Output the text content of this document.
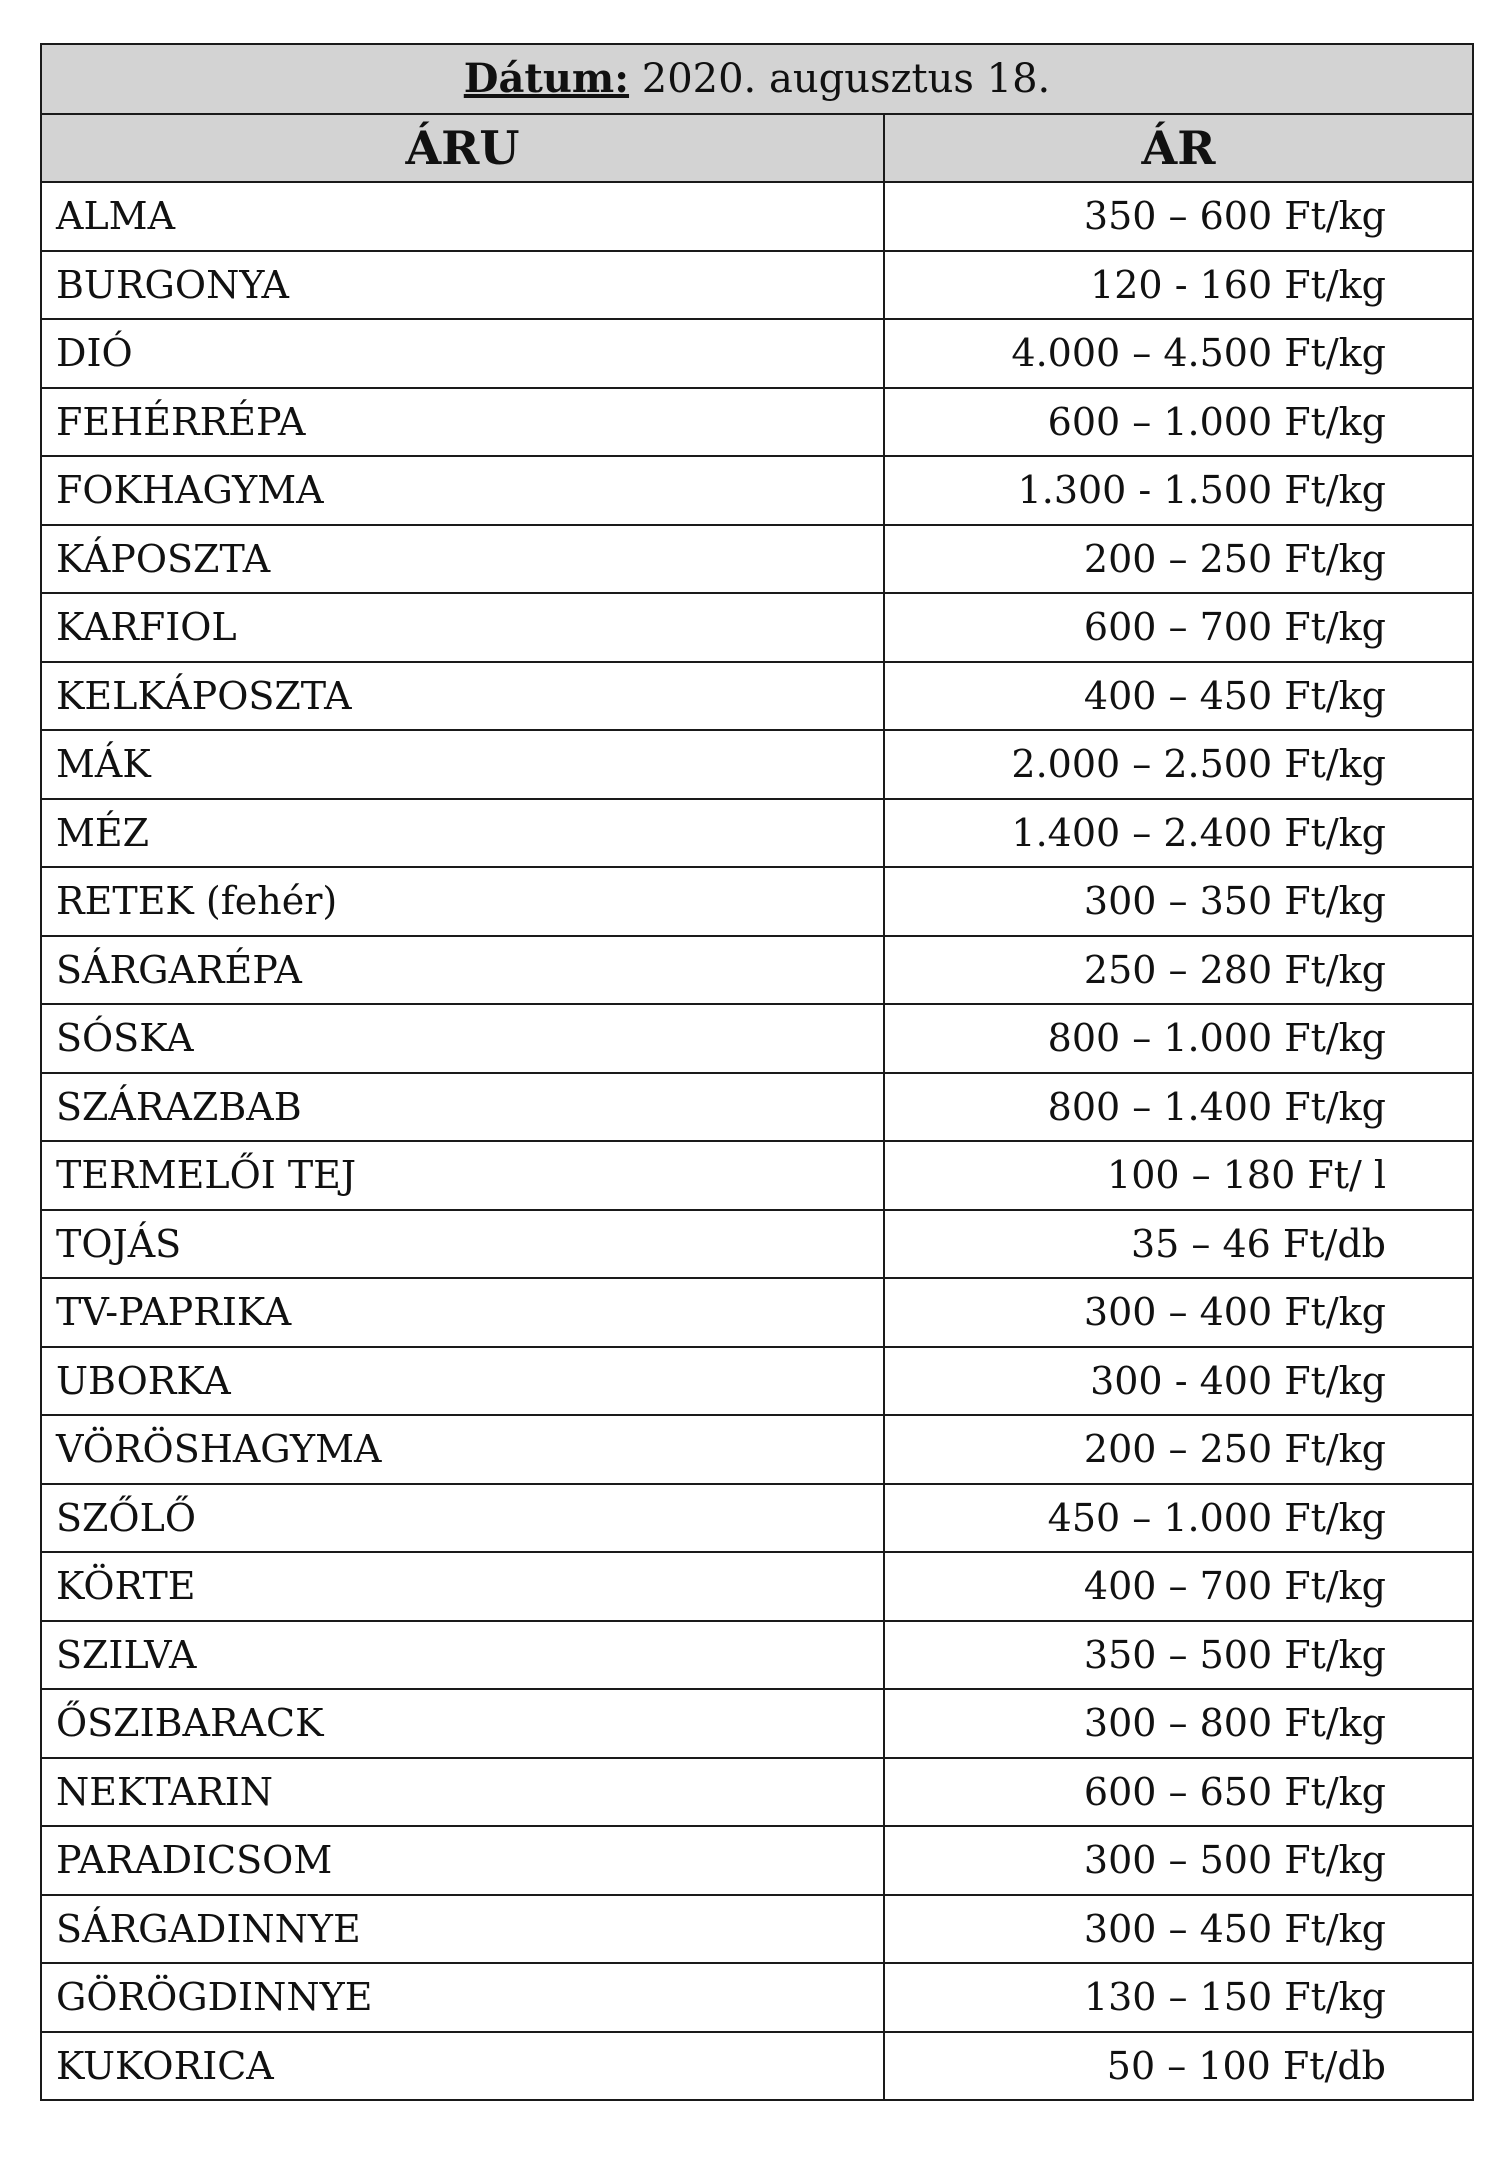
Dátum: 2020. augusztus 18.	
ÁRU	ÁR
ALMA	350 – 600 Ft/kg
BURGONYA	120 - 160 Ft/kg
DIÓ	4.000 – 4.500 Ft/kg
FEHÉRRÉPA	600 – 1.000 Ft/kg
FOKHAGYMA	1.300 - 1.500 Ft/kg
KÁPOSZTA	200 – 250 Ft/kg
KARFIOL	600 – 700 Ft/kg
KELKÁPOSZTA	400 – 450 Ft/kg
MÁK	2.000 – 2.500 Ft/kg
MÉZ	1.400 – 2.400 Ft/kg
RETEK (fehér)	300 – 350 Ft/kg
SÁRGARÉPA	250 – 280 Ft/kg
SÓSKA	800 – 1.000 Ft/kg
SZÁRAZBAB	800 – 1.400 Ft/kg
TERMELŐI TEJ	100 – 180 Ft/ l
TOJÁS	35 – 46 Ft/db
TV-PAPRIKA	300 – 400 Ft/kg
UBORKA	300 - 400 Ft/kg
VÖRÖSHAGYMA	200 – 250 Ft/kg
SZŐLŐ	450 – 1.000 Ft/kg
KÖRTE	400 – 700 Ft/kg
SZILVA	350 – 500 Ft/kg
ŐSZIBARACK	300 – 800 Ft/kg
NEKTARIN	600 – 650 Ft/kg
PARADICSOM	300 – 500 Ft/kg
SÁRGADINNYE	300 – 450 Ft/kg
GÖRÖGDINNYE	130 – 150 Ft/kg
KUKORICA	50 – 100 Ft/db
